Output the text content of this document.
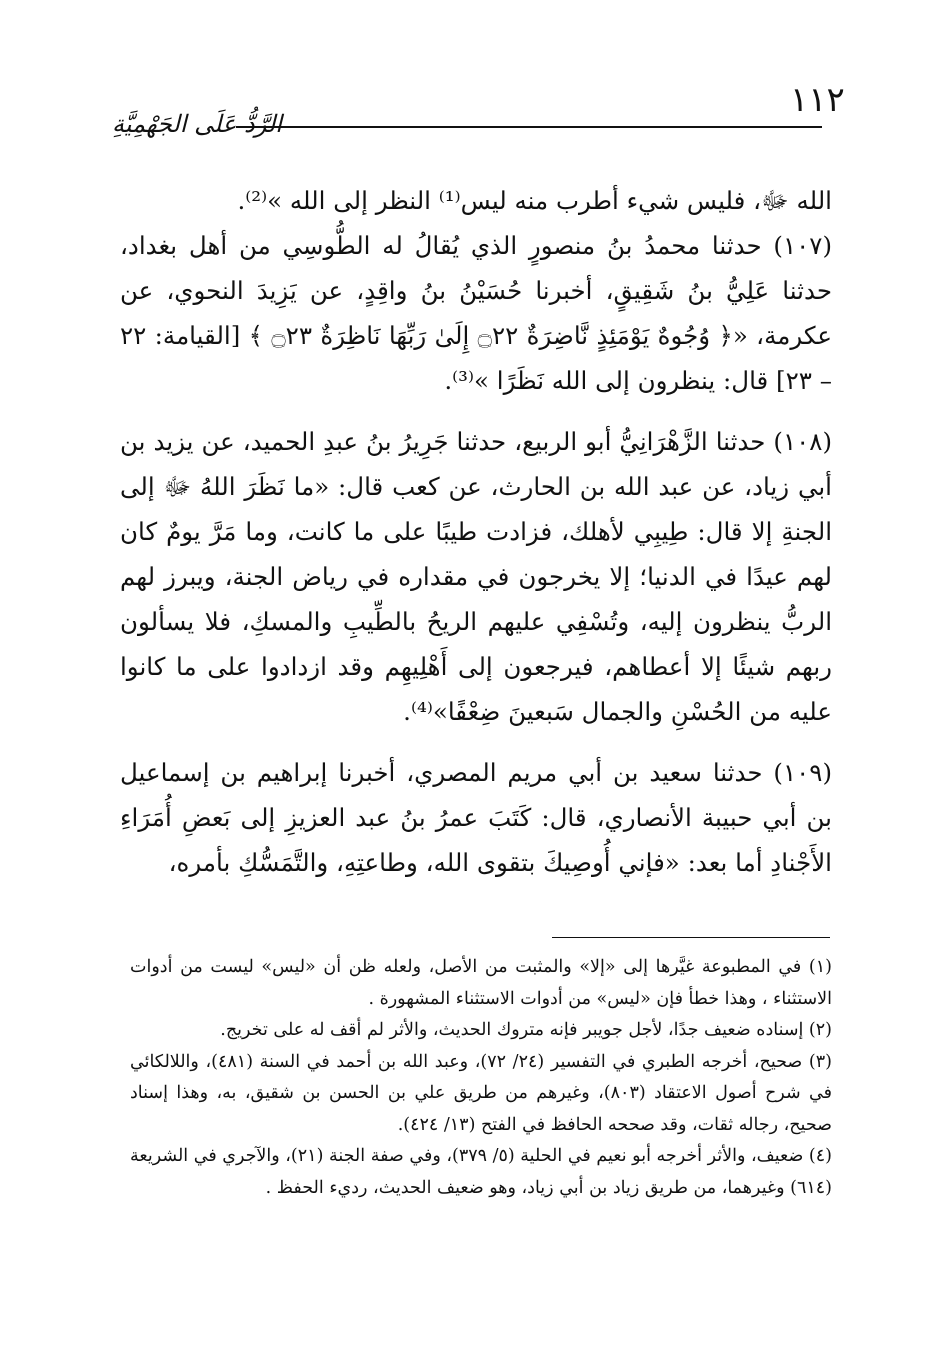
١١٢
الرَّدُّ عَلَى الجَهْمِيَّةِ

الله ﷻ، فليس شيء أطرب منه ليس⁽¹⁾ النظر إلى الله »⁽²⁾.

(١٠٧) حدثنا محمدُ بنُ منصورٍ الذي يُقالُ له الطُّوسِي من أهل بغداد، حدثنا عَلِيُّ بنُ شَقِيقٍ، أخبرنا حُسَيْنُ بنُ واقِدٍ، عن يَزِيدَ النحوي، عن عكرمة، «﴿ وُجُوهٌ يَوْمَئِذٍ نَّاضِرَةٌ ۝٢٢ إِلَىٰ رَبِّهَا نَاظِرَةٌ ۝٢٣ ﴾ [القيامة: ٢٢ – ٢٣] قال: ينظرون إلى الله نَظَرًا »⁽³⁾.

(١٠٨) حدثنا الزَّهْرَانِيُّ أبو الربيع، حدثنا جَرِيرُ بنُ عبدِ الحميد، عن يزيد بن أبي زياد، عن عبد الله بن الحارث، عن كعب قال: «ما نَظَرَ اللهُ ﷻ إلى الجنةِ إلا قال: طِيبِي لأهلك، فزادت طيبًا على ما كانت، وما مَرَّ يومٌ كان لهم عيدًا في الدنيا؛ إلا يخرجون في مقداره في رياض الجنة، ويبرز لهم الربُّ ينظرون إليه، وتُسْفِي عليهم الريحُ بالطِّيبِ والمسكِ، فلا يسألون ربهم شيئًا إلا أعطاهم، فيرجعون إلى أَهْلِيهِم وقد ازدادوا على ما كانوا عليه من الحُسْنِ والجمال سَبعينَ ضِعْفًا»⁽⁴⁾.

(١٠٩) حدثنا سعيد بن أبي مريم المصري، أخبرنا إبراهيم بن إسماعيل بن أبي حبيبة الأنصاري، قال: كَتَبَ عمرُ بنُ عبد العزيزِ إلى بَعضِ أُمَرَاءِ الأَجْنادِ أما بعد: «فإني أُوصِيكَ بتقوى الله، وطاعتِهِ، والتَّمَسُّكِ بأمره،

(١) في المطبوعة غيَّرها إلى «إلا» والمثبت من الأصل، ولعله ظن أن «ليس» ليست من أدوات الاستثناء ، وهذا خطأ فإن «ليس» من أدوات الاستثناء المشهورة .

(٢) إسناده ضعيف جدًا، لأجل جويبر فإنه متروك الحديث، والأثر لم أقف له على تخريج.

(٣) صحيح، أخرجه الطبري في التفسير (٢٤/ ٧٢)، وعبد الله بن أحمد في السنة (٤٨١)، واللالكائي في شرح أصول الاعتقاد (٨٠٣)، وغيرهم من طريق علي بن الحسن بن شقيق، به، وهذا إسناد صحيح، رجاله ثقات، وقد صححه الحافظ في الفتح (١٣/ ٤٢٤).

(٤) ضعيف، والأثر أخرجه أبو نعيم في الحلية (٥/ ٣٧٩)، وفي صفة الجنة (٢١)، والآجري في الشريعة (٦١٤) وغيرهما، من طريق زياد بن أبي زياد، وهو ضعيف الحديث، رديء الحفظ .
